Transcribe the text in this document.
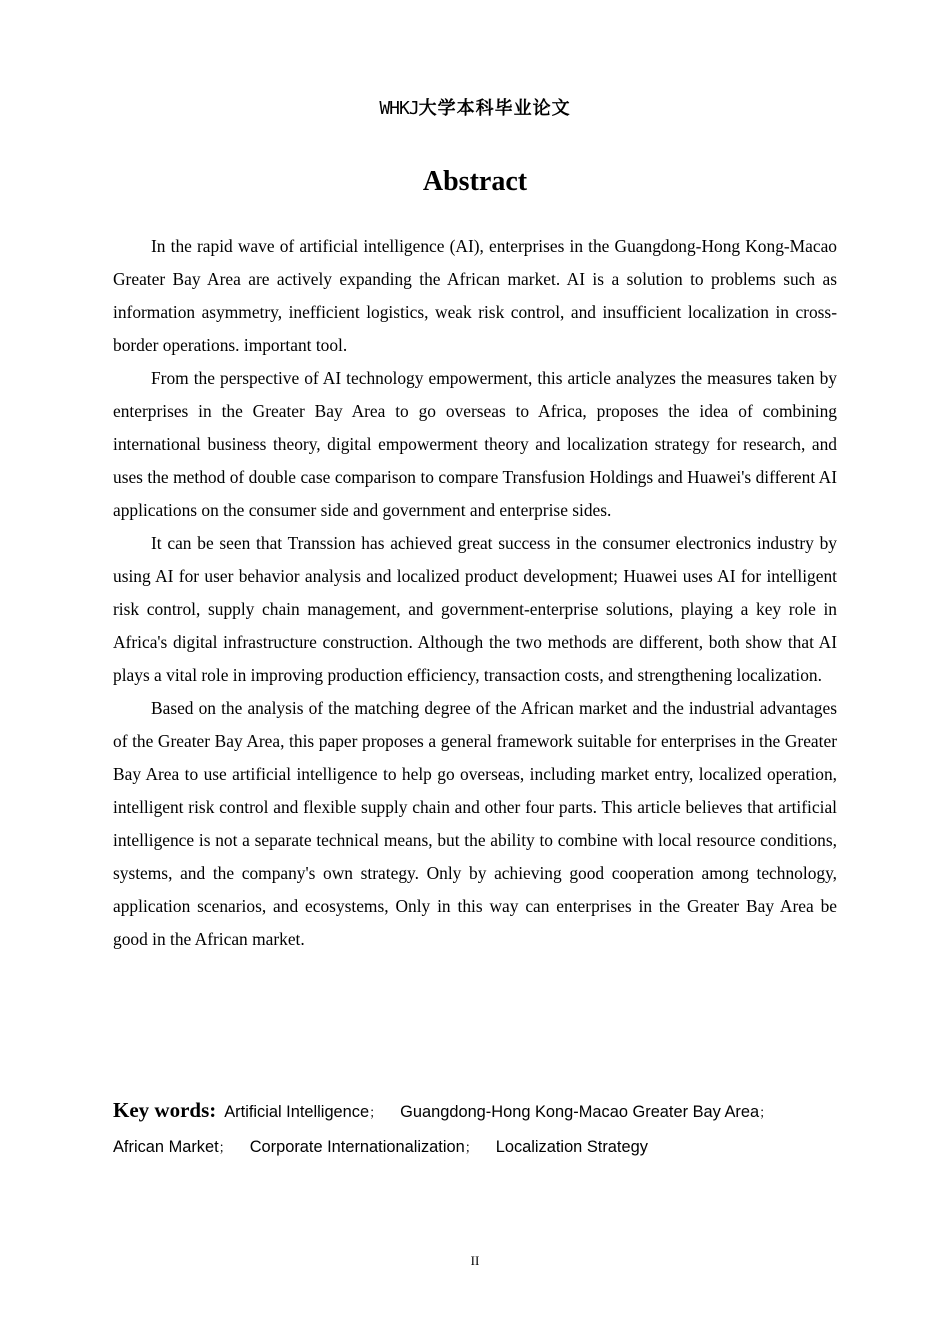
WHKJ大学本科毕业论文
Abstract

In the rapid wave of artificial intelligence (AI), enterprises in the Guangdong-Hong Kong-Macao Greater Bay Area are actively expanding the African market. AI is a solution to problems such as information asymmetry, inefficient logistics, weak risk control, and insufficient localization in cross-border operations. important tool.

From the perspective of AI technology empowerment, this article analyzes the measures taken by enterprises in the Greater Bay Area to go overseas to Africa, proposes the idea of combining international business theory, digital empowerment theory and localization strategy for research, and uses the method of double case comparison to compare Transfusion Holdings and Huawei's different AI applications on the consumer side and government and enterprise sides.

It can be seen that Transsion has achieved great success in the consumer electronics industry by using AI for user behavior analysis and localized product development; Huawei uses AI for intelligent risk control, supply chain management, and government-enterprise solutions, playing a key role in Africa's digital infrastructure construction. Although the two methods are different, both show that AI plays a vital role in improving production efficiency, transaction costs, and strengthening localization.

Based on the analysis of the matching degree of the African market and the industrial advantages of the Greater Bay Area, this paper proposes a general framework suitable for enterprises in the Greater Bay Area to use artificial intelligence to help go overseas, including market entry, localized operation, intelligent risk control and flexible supply chain and other four parts. This article believes that artificial intelligence is not a separate technical means, but the ability to combine with local resource conditions, systems, and the company's own strategy. Only by achieving good cooperation among technology, application scenarios, and ecosystems, Only in this way can enterprises in the Greater Bay Area be good in the African market.

Key words: Artificial Intelligence； Guangdong-Hong Kong-Macao Greater Bay Area；
African Market； Corporate Internationalization； Localization Strategy
II
